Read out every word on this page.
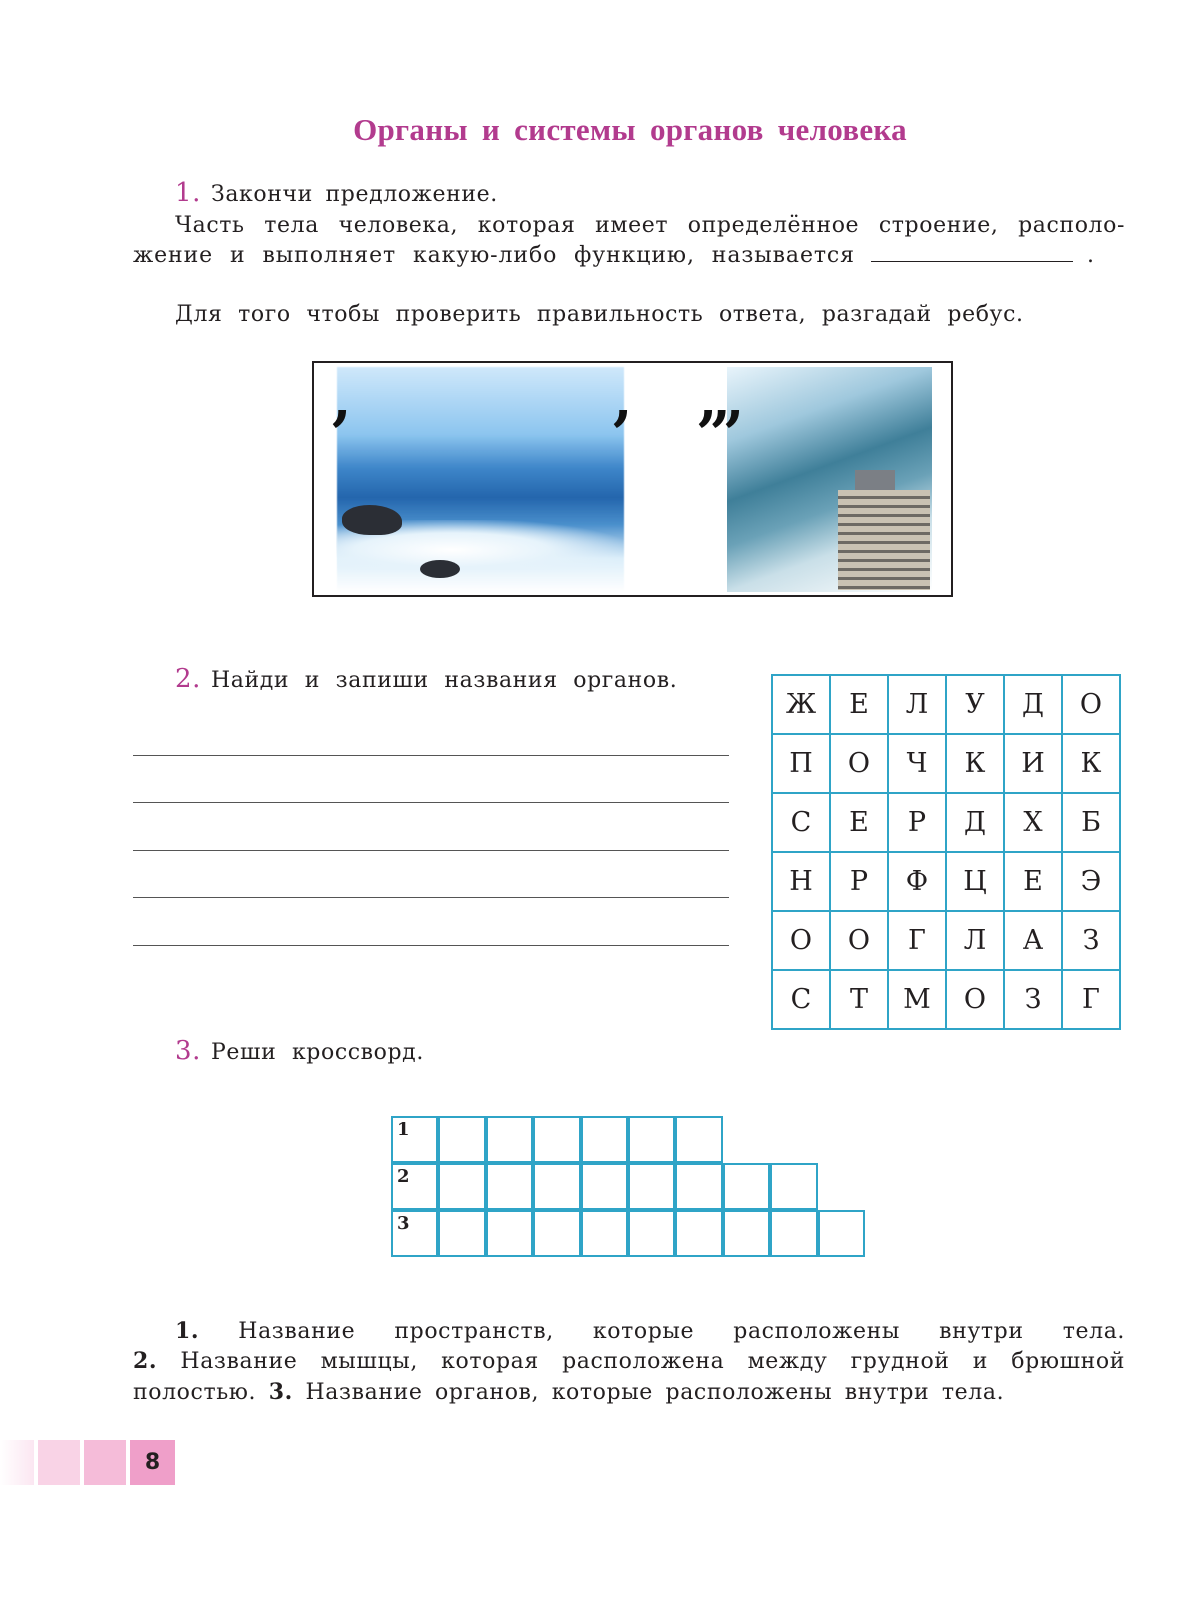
Органы и системы органов человека
1. Закончи предложение.
Часть тела человека, которая имеет определённое строение, располо-
жение и выполняет какую-либо функцию, называется	.
Для того чтобы проверить правильность ответа, разгадай ребус.
,	, ,,,
2. Найди и запиши названия органов.
Ж	Е	Л	У	Д	О
П	О	Ч	К	И	К
С	Е	Р	Д	Х	Б
Н	Р	Ф	Ц	Е	Э
О	О	Г	Л	А	З
С	Т	М	О	З	Г
3. Реши кроссворд.
1
2
3
1. Название пространств, которые расположены внутри тела.
2. Название мышцы, которая расположена между грудной и брюшной
полостью. 3. Название органов, которые расположены внутри тела.
8
